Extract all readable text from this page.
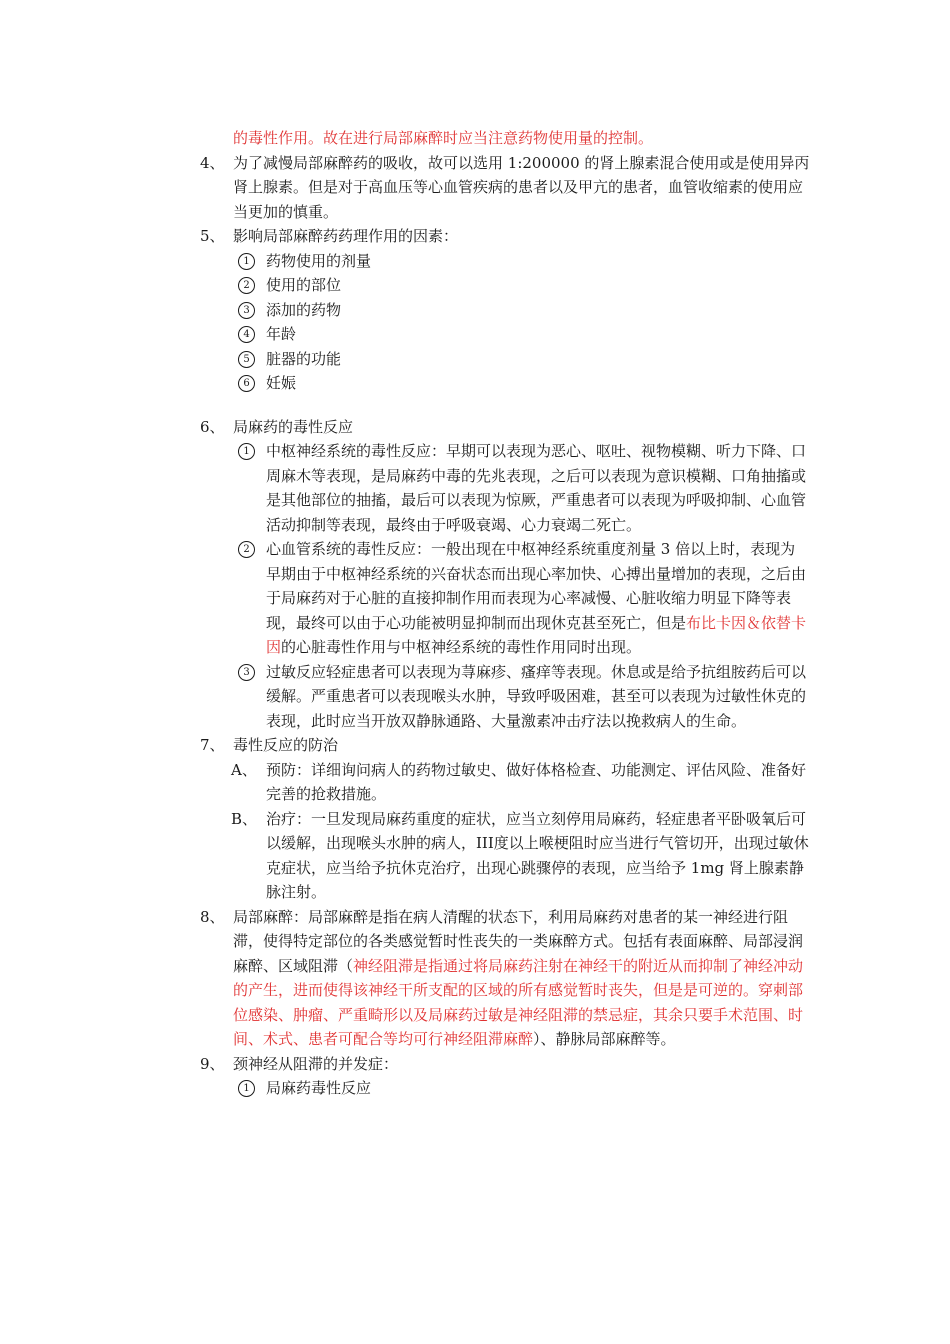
的毒性作用。故在进行局部麻醉时应当注意药物使用量的控制。
4、 为了减慢局部麻醉药的吸收，故可以选用 1:200000 的肾上腺素混合使用或是使用异丙肾上腺素。但是对于高血压等心血管疾病的患者以及甲亢的患者，血管收缩素的使用应当更加的慎重。
5、 影响局部麻醉药药理作用的因素：
1	药物使用的剂量
2	使用的部位
3	添加的药物
4	年龄
5	脏器的功能
6	妊娠
6、 局麻药的毒性反应
1	中枢神经系统的毒性反应：早期可以表现为恶心、呕吐、视物模糊、听力下降、口周麻木等表现，是局麻药中毒的先兆表现，之后可以表现为意识模糊、口角抽搐或是其他部位的抽搐，最后可以表现为惊厥，严重患者可以表现为呼吸抑制、心血管活动抑制等表现，最终由于呼吸衰竭、心力衰竭二死亡。
2	心血管系统的毒性反应：一般出现在中枢神经系统重度剂量 3 倍以上时，表现为早期由于中枢神经系统的兴奋状态而出现心率加快、心搏出量增加的表现，之后由于局麻药对于心脏的直接抑制作用而表现为心率减慢、心脏收缩力明显下降等表现，最终可以由于心功能被明显抑制而出现休克甚至死亡，但是布比卡因＆依替卡因的心脏毒性作用与中枢神经系统的毒性作用同时出现。
3	过敏反应轻症患者可以表现为荨麻疹、瘙痒等表现。休息或是给予抗组胺药后可以缓解。严重患者可以表现喉头水肿，导致呼吸困难，甚至可以表现为过敏性休克的表现，此时应当开放双静脉通路、大量激素冲击疗法以挽救病人的生命。
7、 毒性反应的防治
A、 预防：详细询问病人的药物过敏史、做好体格检查、功能测定、评估风险、准备好完善的抢救措施。
B、 治疗：一旦发现局麻药重度的症状，应当立刻停用局麻药，轻症患者平卧吸氧后可以缓解，出现喉头水肿的病人，III度以上喉梗阻时应当进行气管切开，出现过敏休克症状，应当给予抗休克治疗，出现心跳骤停的表现，应当给予 1mg 肾上腺素静脉注射。
8、 局部麻醉：局部麻醉是指在病人清醒的状态下，利用局麻药对患者的某一神经进行阻滞，使得特定部位的各类感觉暂时性丧失的一类麻醉方式。包括有表面麻醉、局部浸润麻醉、区域阻滞（神经阻滞是指通过将局麻药注射在神经干的附近从而抑制了神经冲动的产生，进而使得该神经干所支配的区域的所有感觉暂时丧失，但是是可逆的。穿刺部位感染、肿瘤、严重畸形以及局麻药过敏是神经阻滞的禁忌症，其余只要手术范围、时间、术式、患者可配合等均可行神经阻滞麻醉）、静脉局部麻醉等。
9、 颈神经从阻滞的并发症：
1	局麻药毒性反应
